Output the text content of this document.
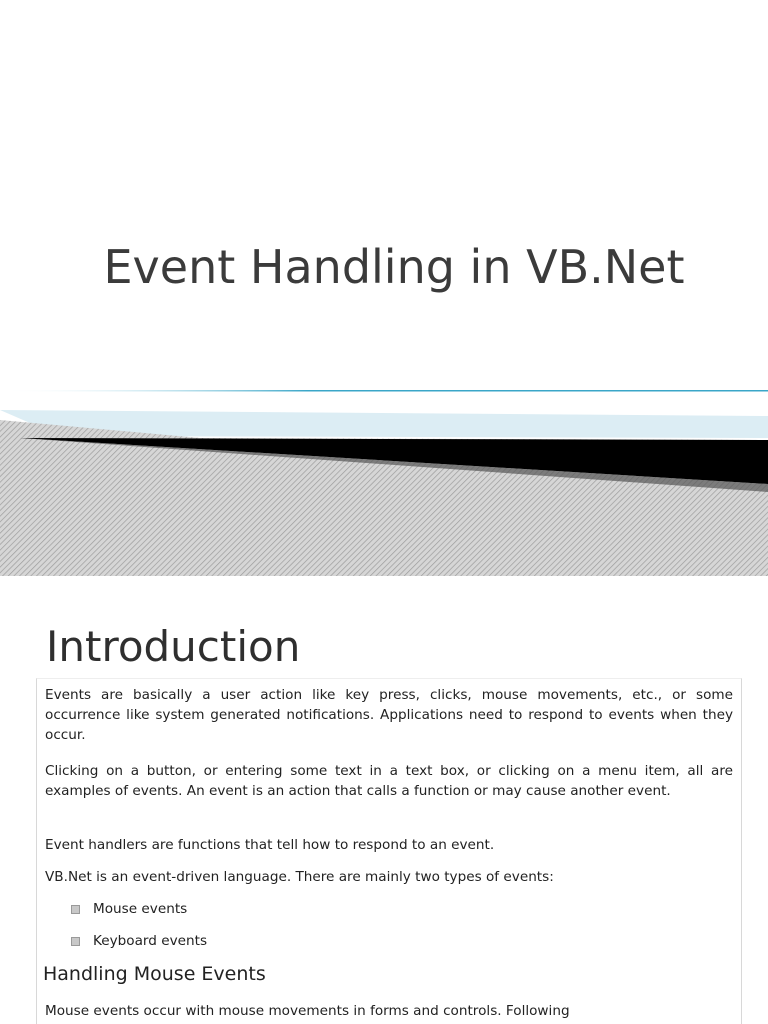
Event Handling in VB.Net
Introduction

Events are basically a user action like key press, clicks, mouse movements, etc., or some occurrence like system generated notifications. Applications need to respond to events when they occur.

Clicking on a button, or entering some text in a text box, or clicking on a menu item, all are examples of events. An event is an action that calls a function or may cause another event.

Event handlers are functions that tell how to respond to an event.

VB.Net is an event-driven language. There are mainly two types of events:

Mouse events
Keyboard events
Handling Mouse Events

Mouse events occur with mouse movements in forms and controls. Following
